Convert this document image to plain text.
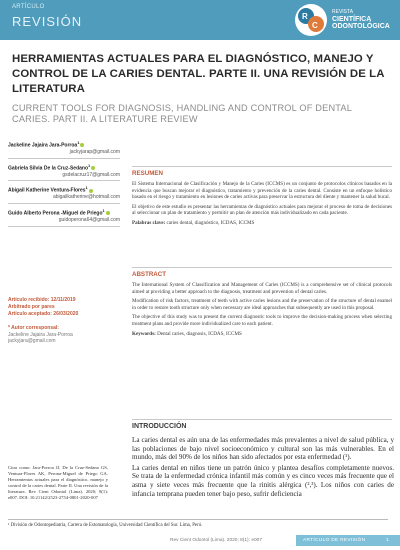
ARTÍCULO
REVISIÓN	R
C
REVISTA
CIENTÍFICA
ODONTOLÓGICA
HERRAMIENTAS ACTUALES PARA EL DIAGNÓSTICO, MANEJO Y CONTROL DE LA CARIES DENTAL. PARTE II. UNA REVISIÓN DE LA LITERATURA
CURRENT TOOLS FOR DIAGNOSIS, HANDLING AND CONTROL OF DENTAL CARIES. PART II. A LITERATURE REVIEW
Jackeline Jajaira Jara-Porroa$^1$
jackyjarap@gmail.com
Gabriela Silvia De la Cruz-Sedano$^1$
gsdelacruz17@gmail.com
Abigail Katherine Ventura-Flores$^1$
abigailkatherine@hotmail.com
Guido Alberto Perona -Miguel de Priego$^1$
guidoperona64@gmail.com
Artículo recibido: 12/11/2019
Arbitrado por pares
Artículo aceptado: 26/03/2020
* Autor corresponsal:
Jackeline Jajaira Jara-Porroa
jackyjara@gmail.com
Citar como: Jara-Porroa JJ, De la Cruz-Sedano GS, Ventura-Flores AK, Perona-Miguel de Priego GA. Herramientas actuales para el diagnóstico, manejo y control de la caries dental. Parte II. Una revisión de la literatura. Rev Cient Odontol (Lima). 2020; 8(1): e007. DOI: 10.21142/2523-2754-0801-2020-007
RESUMEN

El Sistema Internacional de Clasificación y Manejo de la Caries (ICCMS) es un conjunto de protocolos clínicos basados en la evidencia que buscan mejorar el diagnóstico, tratamiento y prevención de la caries dental. Consiste en un enfoque holístico basado en el riesgo y tratamiento en lesiones de caries activas para preservar la estructura del diente y mantener la salud bucal.

El objetivo de este estudio es presentar las herramientas de diagnóstico actuales para mejorar el proceso de toma de decisiones al seleccionar un plan de tratamiento y permitir un plan de atención más individualizado en cada paciente.

Palabras clave: caries dental, diagnóstico, ICDAS, ICCMS

ABSTRACT

The International System of Classification and Management of Caries (ICCMS) is a comprehensive set of clinical protocols aimed at providing a better approach to the diagnosis, treatment and prevention of dental caries.

Modification of risk factors, treatment of teeth with active caries lesions and the preservation of the structure of dental enamel in order to restore tooth structure only when necessary are ideal approaches that subsequently are used in this proposal.

The objective of this study was to present the current diagnostic tools to improve the decision-making process when selecting treatment plans and provide more individualized care to each patient.

Keywords: Dental caries, diagnosis, ICDAS, ICCMS

INTRODUCCIÓN

La caries dental es aún una de las enfermedades más prevalentes a nivel de salud pública, y las poblaciones de bajo nivel socioeconómico y cultural son las más vulnerables. En el mundo, más del 90% de los niños han sido afectados por esta enfermedad (¹).

La caries dental en niños tiene un patrón único y plantea desafíos completamente nuevos. Se trata de la enfermedad crónica infantil más común y es cinco veces más frecuente que el asma y siete veces más frecuente que la rinitis alérgica (²,³). Los niños con caries de infancia temprana pueden tener bajo peso, sufrir deficiencia

¹ División de Odontopediatría, Carrera de Estomatología, Universidad Científica del Sur. Lima, Perú.
Rev Cient Odontol (Lima). 2020; 8(1): e007	ARTÍCULO DE REVISIÓN	1
